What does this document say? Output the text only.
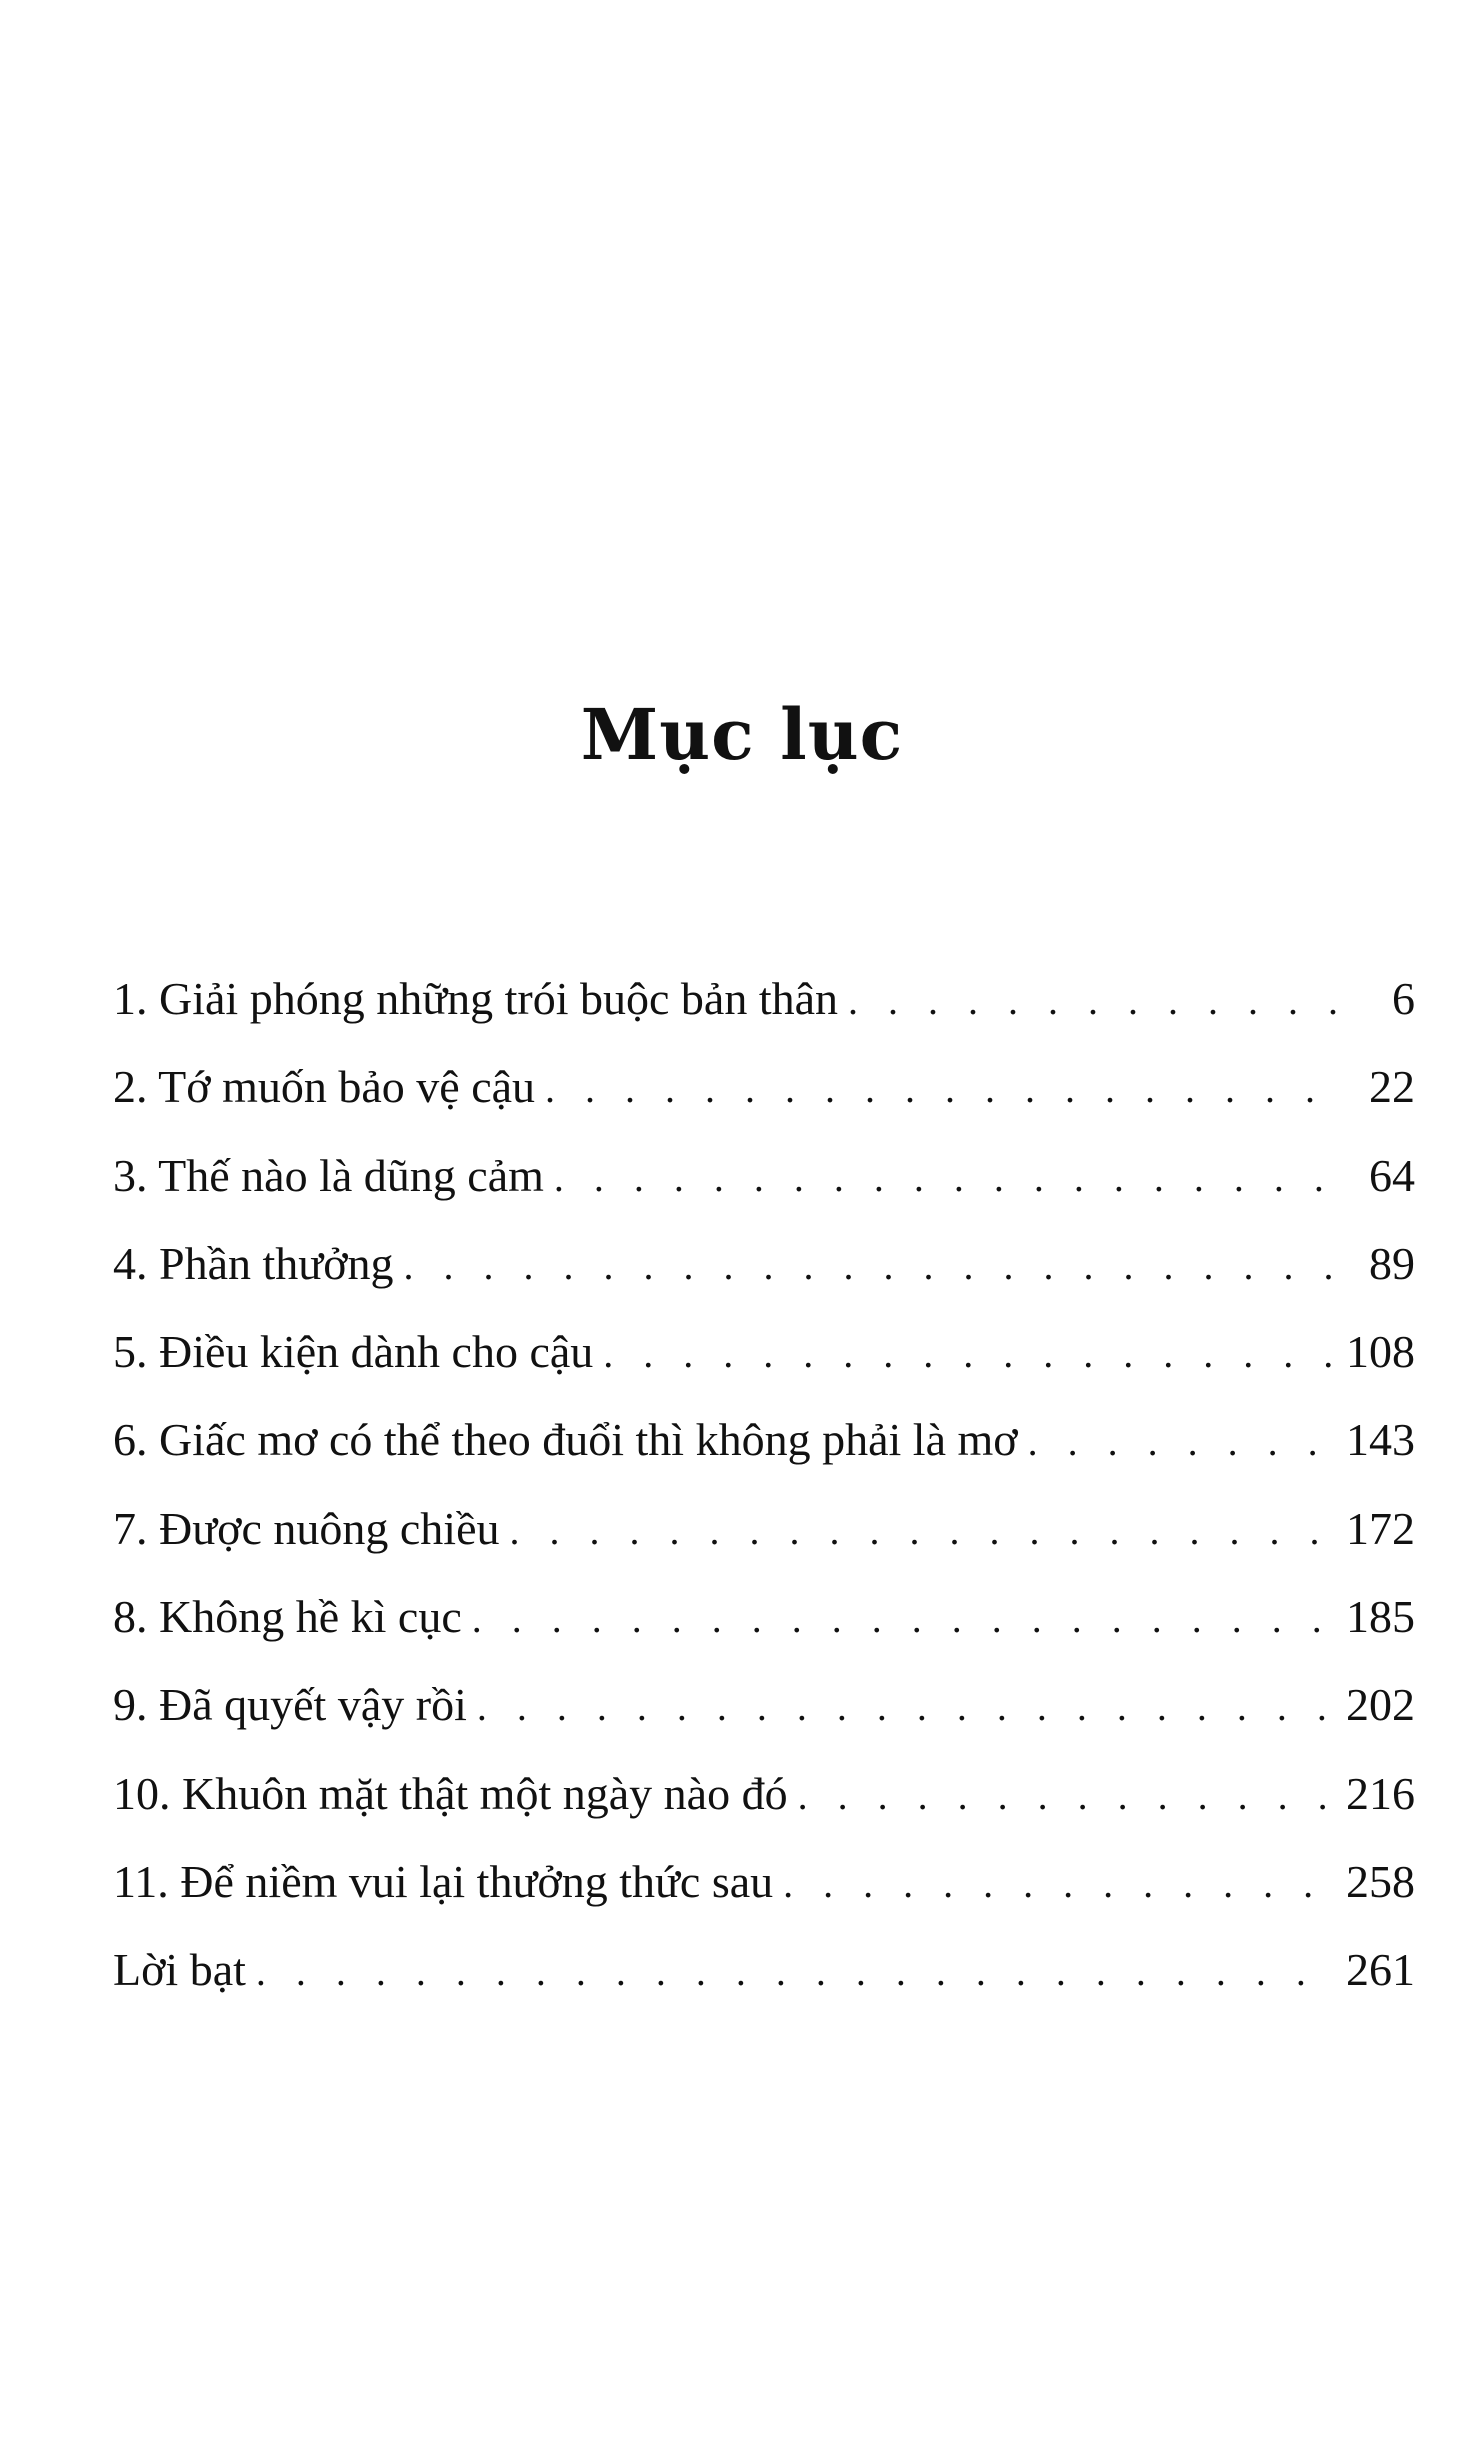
Mục lục
1. Giải phóng những trói buộc bản thân . . .	6
2. Tớ muốn bảo vệ cậu . . .	22
3. Thế nào là dũng cảm . . .	64
4. Phần thưởng . . .	89
5. Điều kiện dành cho cậu . . .	108
6. Giấc mơ có thể theo đuổi thì không phải là mơ . . .	143
7. Được nuông chiều . . .	172
8. Không hề kì cục . . .	185
9. Đã quyết vậy rồi . . .	202
10. Khuôn mặt thật một ngày nào đó . . .	216
11. Để niềm vui lại thưởng thức sau . . .	258
Lời bạt . . .	261
